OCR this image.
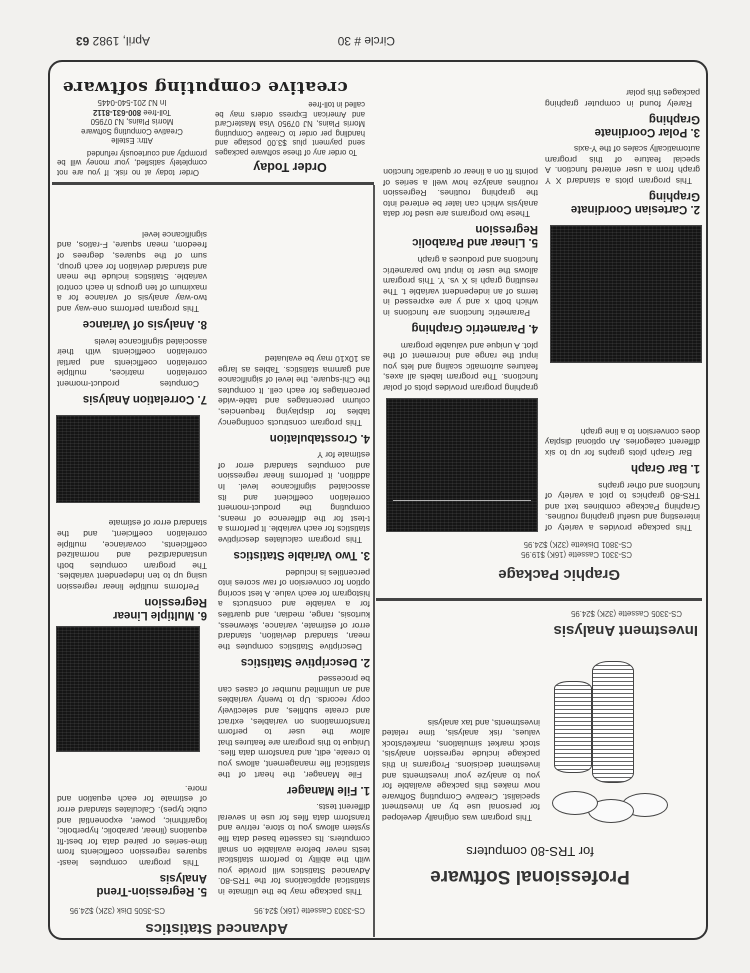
Circle # 30
April, 1982 63
Professional Software
for TRS-80 computers

This program was originally developed for personal use by an investment specialist. Creative Computing Software now makes this package available for you to analyze your investments and investment decisions. Programs in this package include regression analysis, stock market simulations, market/stock values, risk analysis, time related investments, and tax analysis

Investment Analysis
CS-3305 Cassette (32K) $24.95
Graphic Package
CS-3301 Cassette (16K) $19.95
CS-3801 Diskette (32K) $24.95

This package provides a variety of interesting and useful graphing routines. Graphing Package combines text and TRS-80 graphics to plot a variety of functions and other graphs

1. Bar Graph

Bar Graph plots graphs for up to six different categories. An optional display does conversion to a line graph

2. Cartesian Coordinate Graphing

This program plots a standard X Y graph from a user entered function. A special feature of this program automatically scales of the Y-axis

3. Polar Coordinate Graphing

Rarely found in computer graphing packages this polar

graphing program provides plots of polar functions. The program labels all axes, features automatic scaling and lets you input the range and increment of the plot. A unique and valuable program

4. Parametric Graphing

Parametric functions are functions in which both x and y are expressed in terms of an independent variable t. The resulting graph is X vs. Y. This program allows the user to input two parametric functions and produces a graph

5. Linear and Parabolic Regression

These two programs are used for data analysis which can later be entered into the graphing routines. Regression routines analyze how well a series of points fit on a linear or quadratic function

Advanced Statistics
CS-3303 Cassette (16K) $24.95
CS-3505 Disk (32K) $24.95

This package may be the ultimate in statistical applications for the TRS-80. Advanced Statistics will provide you with the ability to perform statistical tests never before available on small computers. Its cassette based data file system allows you to store, retrive and transform data files for use in several different tests.

1. File Manager

File Manager, the heart of the statistical file management, allows you to create, edit, and transform data files. Unique to this program are features that allow the user to perform transformations on variables, extract and create subfiles, and selectively copy records. Up to twenty variables and an unlimited number of cases can be processed

2. Descriptive Statistics

Descriptive Statistics computes the mean, standard deviation, standard error of estimate, variance, skewness, kurtosis, range, median, and quartiles for a variable and constructs a histogram for each value. A test scoring option for conversion of raw scores into percentiles is included

3. Two Variable Statistics

This program calculates descriptive statistics for each variable. It performs a t-test for the difference of means, computing the product-moment correlation coefficient and its associated significance level. In addition, it performs linear regression and computes standard error of estimate for Y

4. Crosstabulation

This program constructs contingency tables for displaying frequencies, column percentages and table-wide percentages for each cell. It computes the Chi-square, the level of significance and gamma statistics. Tables as large as 10x10 may be evaluated

5. Regression-Trend Analysis

This program computes least-squares regression coefficients from time-series or paired data for best-fit equations (linear, parabolic, hyperbolic, logarithmic, power, exponential and cubic types). Calculates standard error of estimate for each equation and more.

6. Multiple Linear Regression

Performs multiple linear regression using up to ten independent variables. The program computes both unstandardized and normalized coefficients, covariance, multiple correlation coefficient, and the standard error of estimate

7. Correlation Analysis

Computes product-moment correlation matrices, multiple correlation coefficients and partial correlation coefficients with their associated significance levels

8. Analysis of Variance

This program performs one-way and two-way analysis of variance for a maximum of ten groups in each control variable. Statistics include the mean and standard deviation for each group, sum of the squares, degrees of freedom, mean square, F-ratios, and significance level

Order Today

To order any of these software packages send payment plus $3.00 postage and handling per order to Creative Computing Morris Plains, NJ 07950 Visa MasterCard and American Express orders may be called in toll-free

Order today at no risk. If you are not completely satisfied, your money will be promptly and courteously refunded

Attn: Estelle
Creative Computing Software
Morris Plains, NJ 07950
Toll-free 800-631-8112
In NJ 201-540-0445
creative computing software
